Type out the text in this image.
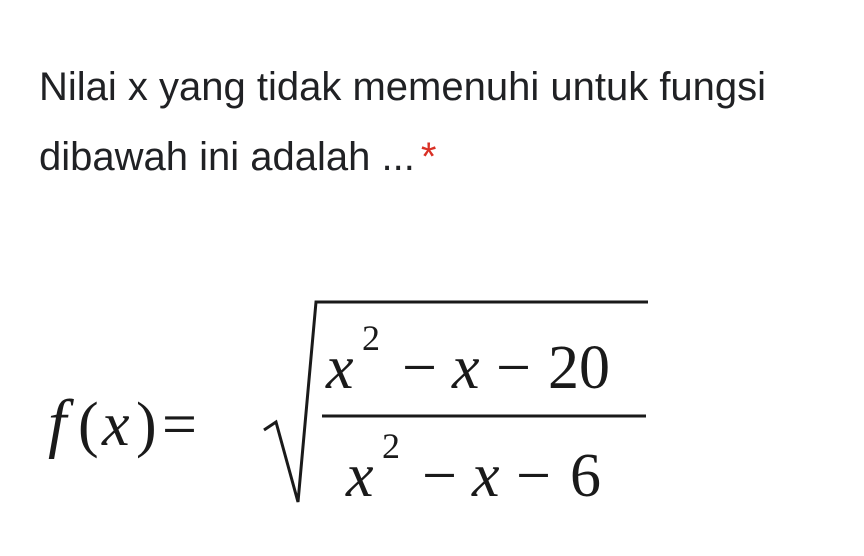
Nilai x yang tidak memenuhi untuk fungsi dibawah ini adalah ... *
f ( x ) =
x 2 − x − 20
x 2 − x − 6
